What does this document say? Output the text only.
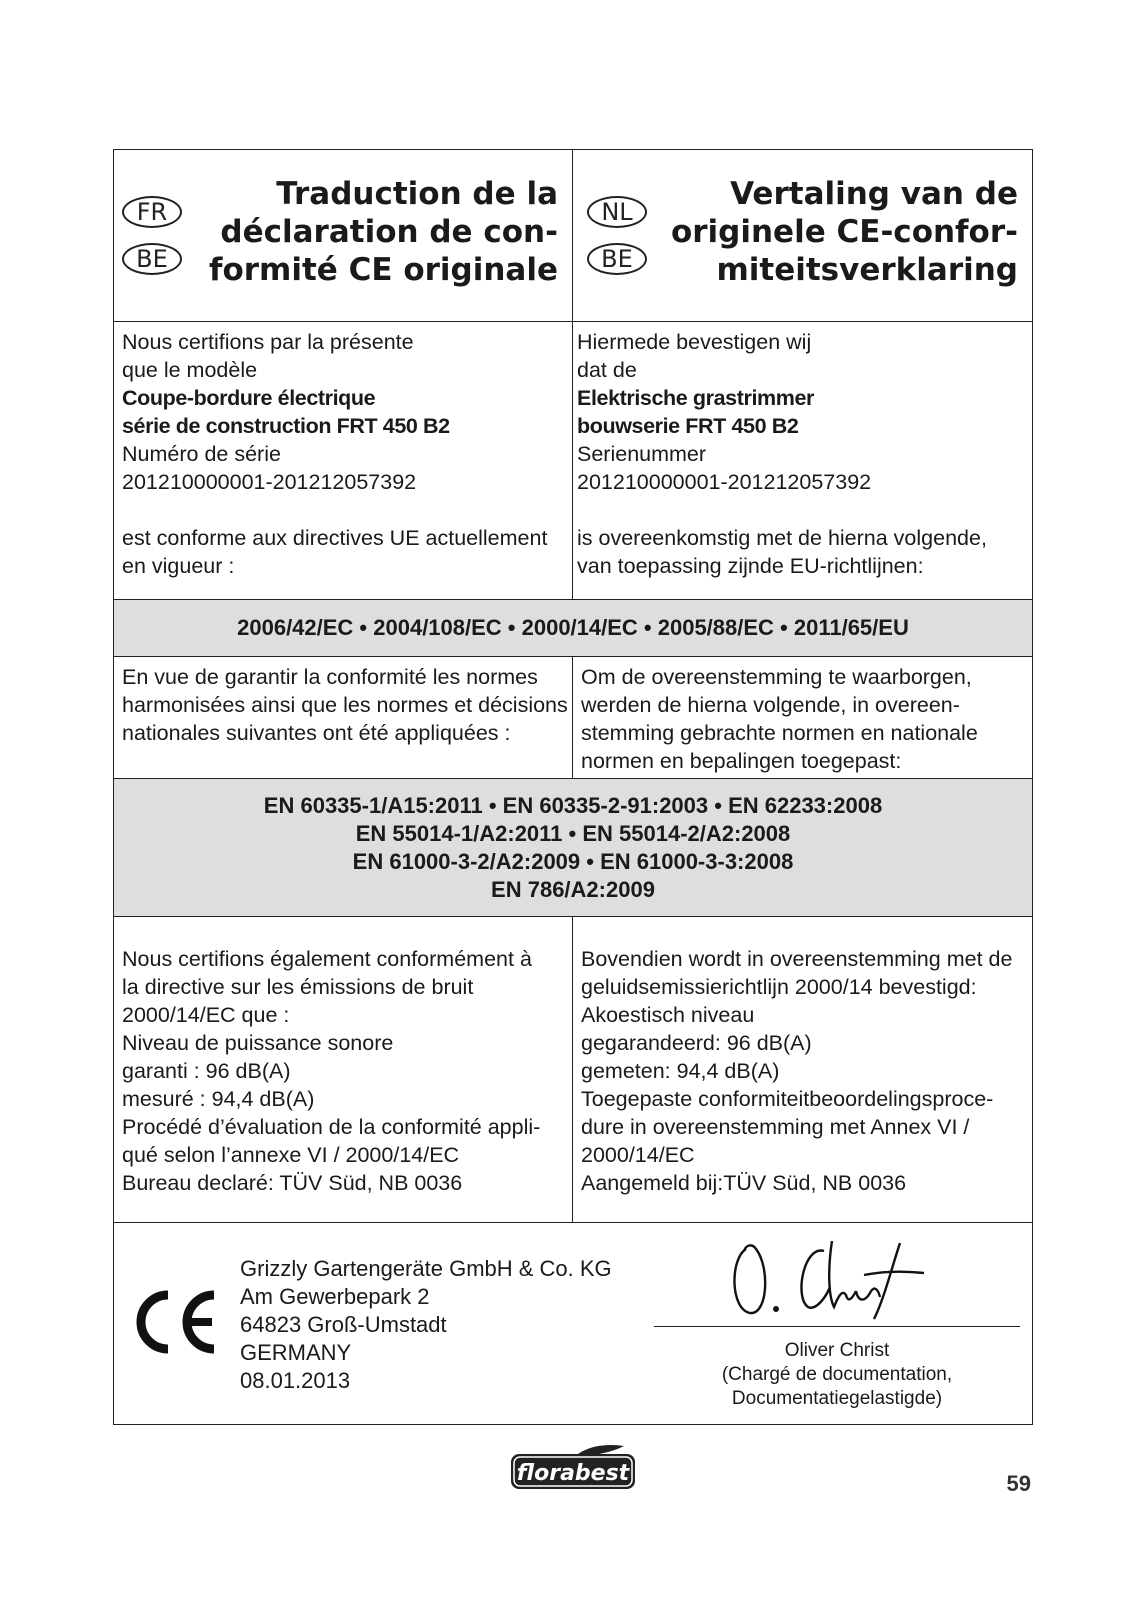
FR
BE
Traduction de la
déclaration de con-
formité CE originale
NL
BE
Vertaling van de
originele CE-confor-
miteitsverklaring
Nous certifions par la présente
que le modèle
Coupe-bordure électrique
série de construction FRT 450 B2
Numéro de série
201210000001-201212057392
est conforme aux directives UE actuellement
en vigueur :
Hiermede bevestigen wij
dat de
Elektrische grastrimmer
bouwserie FRT 450 B2
Serienummer
201210000001-201212057392
is overeenkomstig met de hierna volgende,
van toepassing zijnde EU-richtlijnen:
2006/42/EC • 2004/108/EC • 2000/14/EC • 2005/88/EC • 2011/65/EU
En vue de garantir la conformité les normes
harmonisées ainsi que les normes et décisions
nationales suivantes ont été appliquées :
Om de overeenstemming te waarborgen,
werden de hierna volgende, in overeen-
stemming gebrachte normen en nationale
normen en bepalingen toegepast:
EN 60335-1/A15:2011 • EN 60335-2-91:2003 • EN 62233:2008
EN 55014-1/A2:2011 • EN 55014-2/A2:2008
EN 61000-3-2/A2:2009 • EN 61000-3-3:2008
EN 786/A2:2009
Nous certifions également conformément à
la directive sur les émissions de bruit
2000/14/EC que :
Niveau de puissance sonore
garanti : 96 dB(A)
mesuré : 94,4 dB(A)
Procédé d’évaluation de la conformité appli-
qué selon l’annexe VI / 2000/14/EC
Bureau declaré: TÜV Süd, NB 0036
Bovendien wordt in overeenstemming met de
geluidsemissierichtlijn 2000/14 bevestigd:
Akoestisch niveau
gegarandeerd: 96 dB(A)
gemeten: 94,4 dB(A)
Toegepaste conformiteitbeoordelingsproce-
dure in overeenstemming met Annex VI /
2000/14/EC
Aangemeld bij:TÜV Süd, NB 0036
Grizzly Gartengeräte GmbH & Co. KG
Am Gewerbepark 2
64823 Groß-Umstadt
GERMANY
08.01.2013
Oliver Christ
(Chargé de documentation,
Documentatiegelastigde)
florabest	59
